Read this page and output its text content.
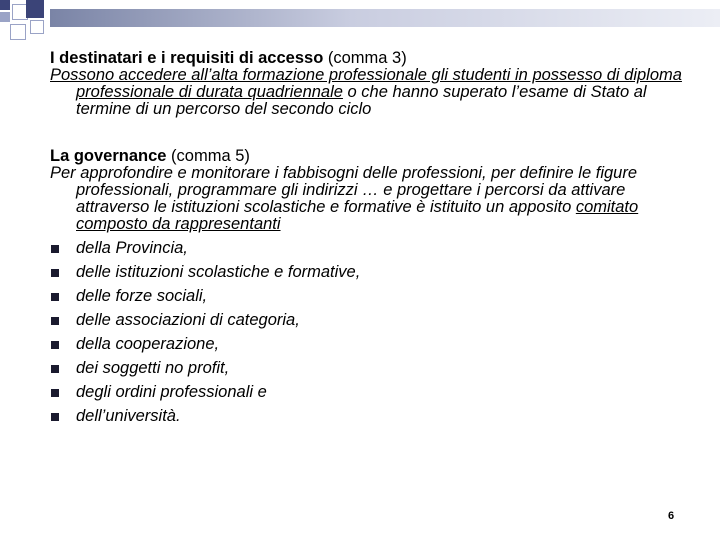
I destinatari e i requisiti di accesso (comma 3)

Possono accedere all’alta formazione professionale gli studenti in possesso di diploma professionale di durata quadriennale o che hanno superato l’esame di Stato al termine di un percorso del secondo ciclo

La governance (comma 5)

Per approfondire e monitorare i fabbisogni delle professioni, per definire le figure professionali, programmare gli indirizzi … e progettare i percorsi da attivare attraverso le istituzioni scolastiche e formative è istituito un apposito comitato composto da rappresentanti

della Provincia,
delle istituzioni scolastiche e formative,
delle forze sociali,
delle associazioni di categoria,
della cooperazione,
dei soggetti no profit,
degli ordini professionali e
dell’università.
6
